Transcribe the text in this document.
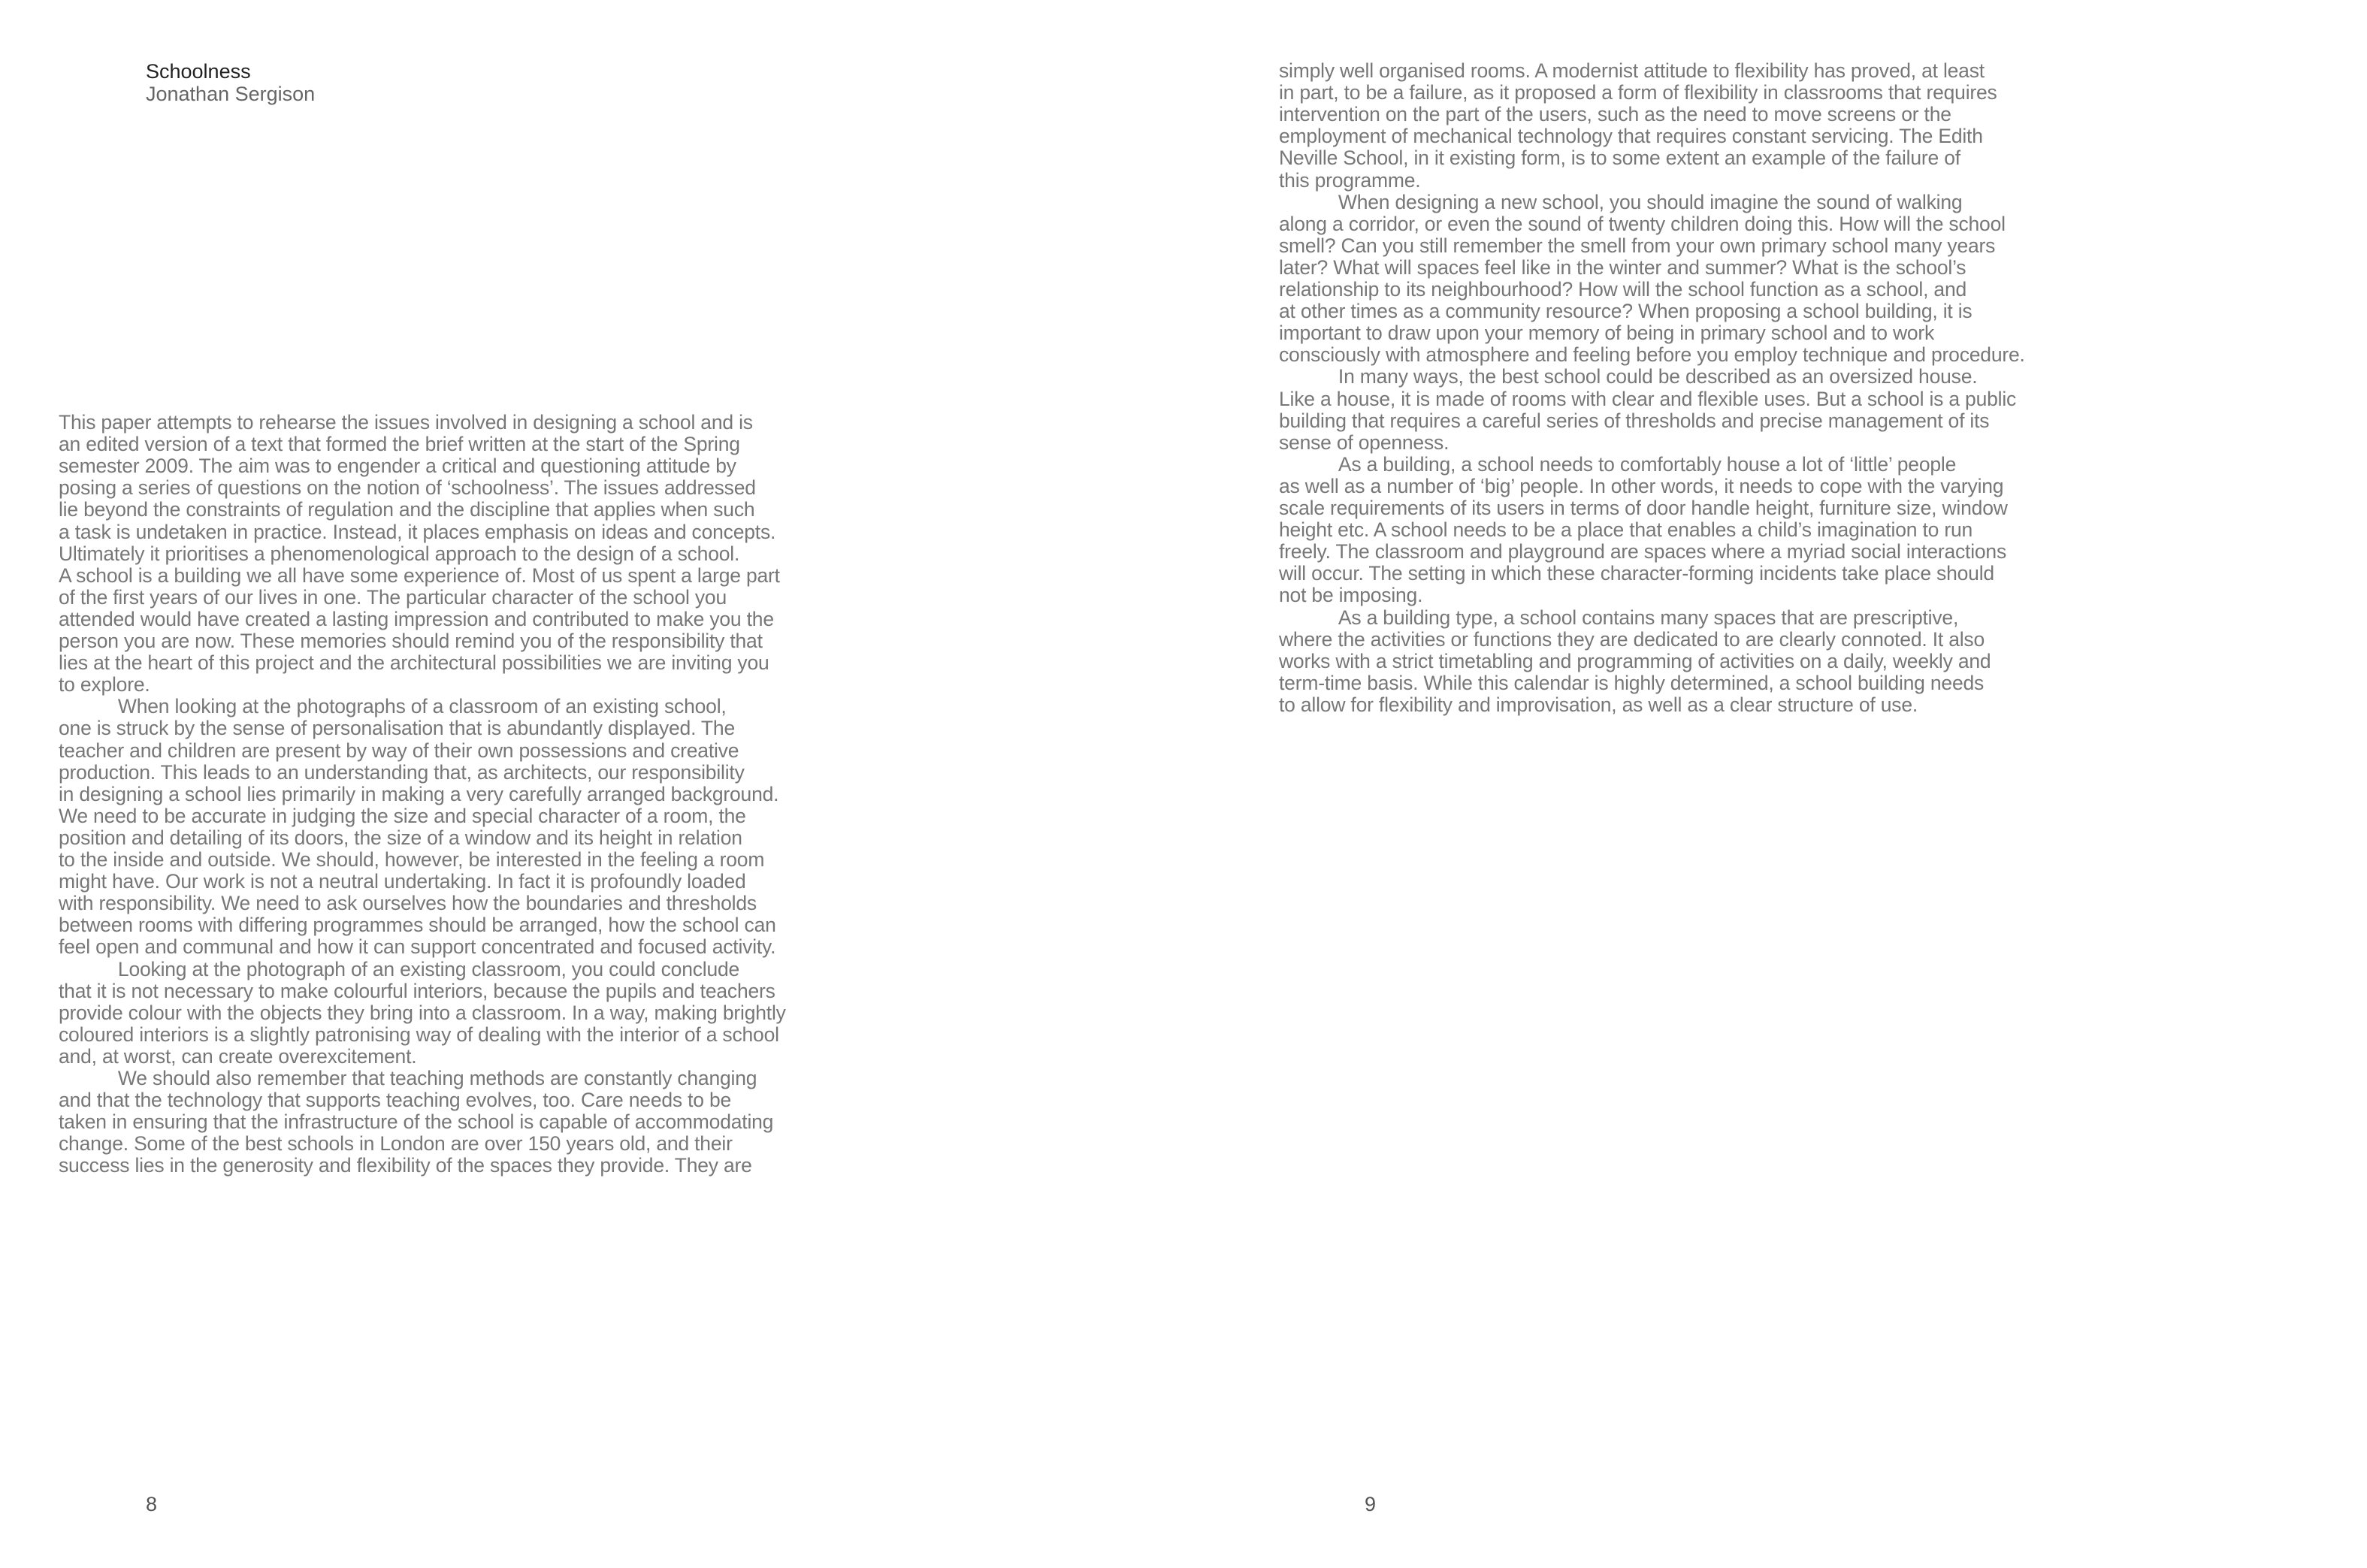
Schoolness
Jonathan Sergison
This paper attempts to rehearse the issues involved in designing a school and is
an edited version of a text that formed the brief written at the start of the Spring
semester 2009. The aim was to engender a critical and questioning attitude by
posing a series of questions on the notion of ‘schoolness’. The issues addressed
lie beyond the constraints of regulation and the discipline that applies when such
a task is undetaken in practice. Instead, it places emphasis on ideas and concepts.
Ultimately it prioritises a phenomenological approach to the design of a school.
A school is a building we all have some experience of. Most of us spent a large part
of the first years of our lives in one. The particular character of the school you
attended would have created a lasting impression and contributed to make you the
person you are now. These memories should remind you of the responsibility that
lies at the heart of this project and the architectural possibilities we are inviting you
to explore.
   When looking at the photographs of a classroom of an existing school,
one is struck by the sense of personalisation that is abundantly displayed. The
teacher and children are present by way of their own possessions and creative
production. This leads to an understanding that, as architects, our responsibility
in designing a school lies primarily in making a very carefully arranged background.
We need to be accurate in judging the size and special character of a room, the
position and detailing of its doors, the size of a window and its height in relation
to the inside and outside. We should, however, be interested in the feeling a room
might have. Our work is not a neutral undertaking. In fact it is profoundly loaded
with responsibility. We need to ask ourselves how the boundaries and thresholds
between rooms with differing programmes should be arranged, how the school can
feel open and communal and how it can support concentrated and focused activity.
   Looking at the photograph of an existing classroom, you could conclude
that it is not necessary to make colourful interiors, because the pupils and teachers
provide colour with the objects they bring into a classroom. In a way, making brightly
coloured interiors is a slightly patronising way of dealing with the interior of a school
and, at worst, can create overexcitement.
   We should also remember that teaching methods are constantly changing
and that the technology that supports teaching evolves, too. Care needs to be
taken in ensuring that the infrastructure of the school is capable of accommodating
change. Some of the best schools in London are over 150 years old, and their
success lies in the generosity and flexibility of the spaces they provide. They are
8
simply well organised rooms. A modernist attitude to flexibility has proved, at least
in part, to be a failure, as it proposed a form of flexibility in classrooms that requires
intervention on the part of the users, such as the need to move screens or the
employment of mechanical technology that requires constant servicing. The Edith
Neville School, in it existing form, is to some extent an example of the failure of
this programme.
   When designing a new school, you should imagine the sound of walking
along a corridor, or even the sound of twenty children doing this. How will the school
smell? Can you still remember the smell from your own primary school many years
later? What will spaces feel like in the winter and summer? What is the school’s
relationship to its neighbourhood? How will the school function as a school, and
at other times as a community resource? When proposing a school building, it is
important to draw upon your memory of being in primary school and to work
consciously with atmosphere and feeling before you employ technique and procedure.
   In many ways, the best school could be described as an oversized house.
Like a house, it is made of rooms with clear and flexible uses. But a school is a public
building that requires a careful series of thresholds and precise management of its
sense of openness.
   As a building, a school needs to comfortably house a lot of ‘little’ people
as well as a number of ‘big’ people. In other words, it needs to cope with the varying
scale requirements of its users in terms of door handle height, furniture size, window
height etc. A school needs to be a place that enables a child’s imagination to run
freely. The classroom and playground are spaces where a myriad social interactions
will occur. The setting in which these character-forming incidents take place should
not be imposing.
   As a building type, a school contains many spaces that are prescriptive,
where the activities or functions they are dedicated to are clearly connoted. It also
works with a strict timetabling and programming of activities on a daily, weekly and
term-time basis. While this calendar is highly determined, a school building needs
to allow for flexibility and improvisation, as well as a clear structure of use.
9
